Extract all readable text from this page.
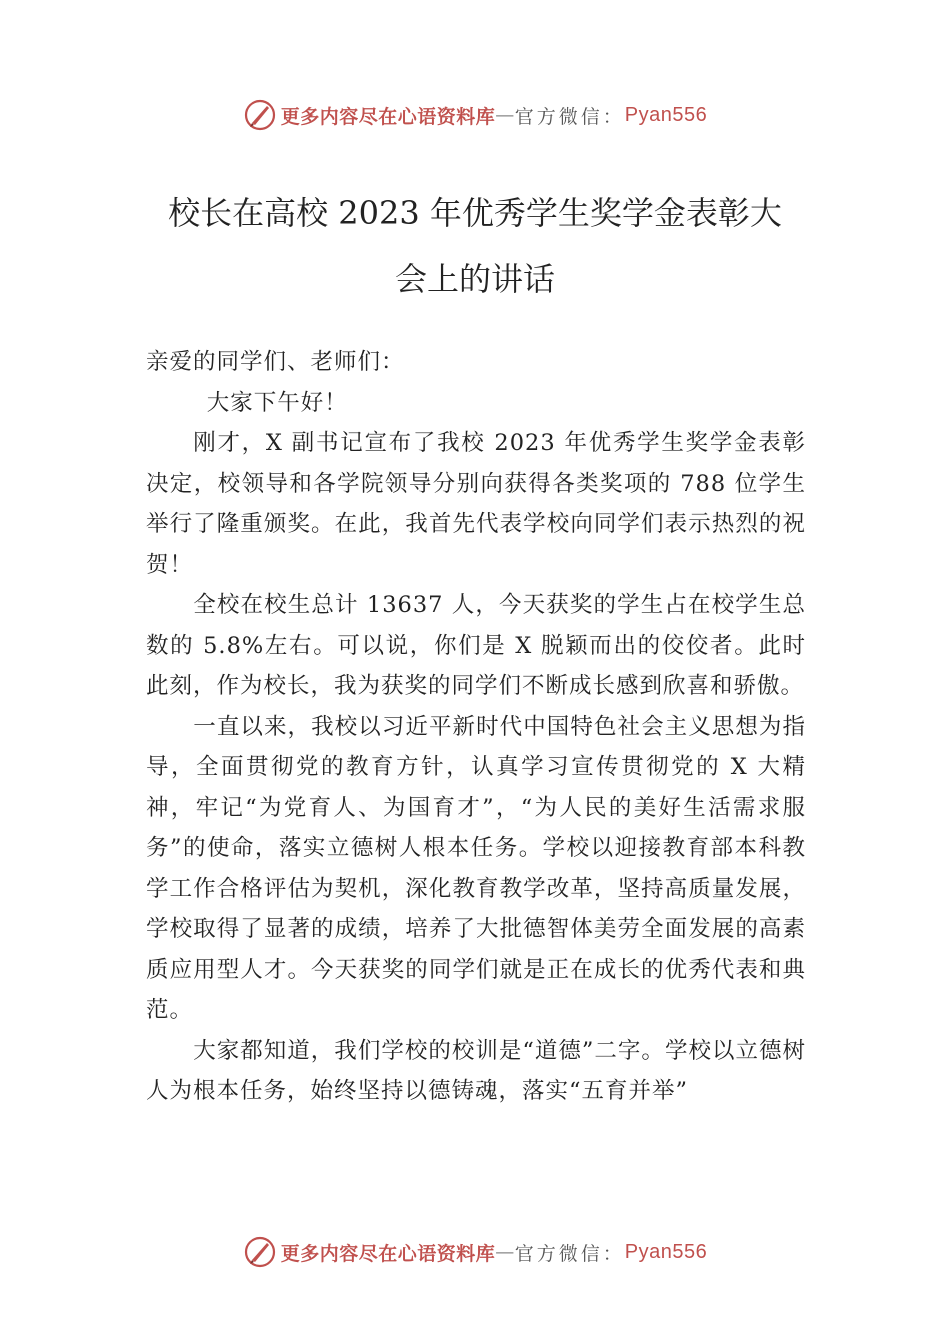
更多内容尽在心语资料库 — 官方微信： Pyan556
校长在高校 2023 年优秀学生奖学金表彰大
会上的讲话

亲爱的同学们、老师们：

大家下午好！

刚才，X 副书记宣布了我校 2023 年优秀学生奖学金表彰决定，校领导和各学院领导分别向获得各类奖项的 788 位学生举行了隆重颁奖。在此，我首先代表学校向同学们表示热烈的祝贺！

全校在校生总计 13637 人，今天获奖的学生占在校学生总数的 5.8%左右。可以说，你们是 X 脱颖而出的佼佼者。此时此刻，作为校长，我为获奖的同学们不断成长感到欣喜和骄傲。

一直以来，我校以习近平新时代中国特色社会主义思想为指导，全面贯彻党的教育方针，认真学习宣传贯彻党的 X 大精神，牢记“为党育人、为国育才”，“为人民的美好生活需求服务”的使命，落实立德树人根本任务。学校以迎接教育部本科教学工作合格评估为契机，深化教育教学改革，坚持高质量发展，学校取得了显著的成绩，培养了大批德智体美劳全面发展的高素质应用型人才。今天获奖的同学们就是正在成长的优秀代表和典范。

大家都知道，我们学校的校训是“道德”二字。学校以立德树人为根本任务，始终坚持以德铸魂，落实“五育并举”

更多内容尽在心语资料库 — 官方微信： Pyan556
